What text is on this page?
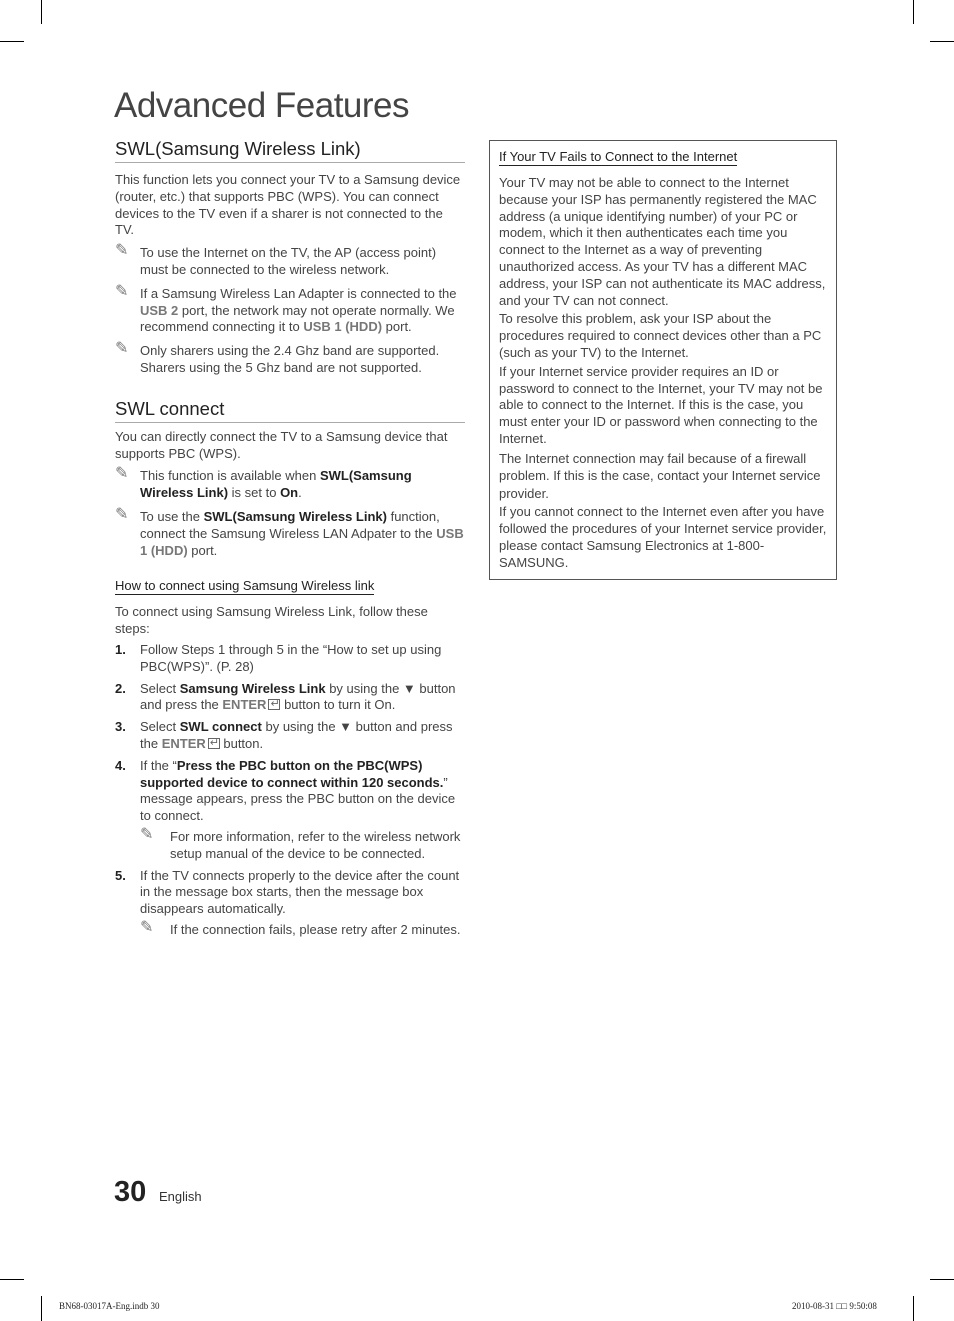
Advanced Features
SWL(Samsung Wireless Link)

This function lets you connect your TV to a Samsung device (router, etc.) that supports PBC (WPS). You can connect devices to the TV even if a sharer is not connected to the TV.

✎ To use the Internet on the TV, the AP (access point) must be connected to the wireless network.
✎ If a Samsung Wireless Lan Adapter is connected to the USB 2 port, the network may not operate normally. We recommend connecting it to USB 1 (HDD) port.
✎ Only sharers using the 2.4 Ghz band are supported. Sharers using the 5 Ghz band are not supported.
SWL connect

You can directly connect the TV to a Samsung device that supports PBC (WPS).

✎ This function is available when SWL(Samsung Wireless Link) is set to On.
✎ To use the SWL(Samsung Wireless Link) function, connect the Samsung Wireless LAN Adpater to the USB 1 (HDD) port.
How to connect using Samsung Wireless link

To connect using Samsung Wireless Link, follow these steps:

1. Follow Steps 1 through 5 in the “How to set up using PBC(WPS)”. (P. 28)
2. Select Samsung Wireless Link by using the ▼ button and press the ENTER↵ button to turn it On.
3. Select SWL connect by using the ▼ button and press the ENTER↵ button.
4. If the “Press the PBC button on the PBC(WPS) supported device to connect within 120 seconds.” message appears, press the PBC button on the device to connect.
✎ For more information, refer to the wireless network setup manual of the device to be connected.
5. If the TV connects properly to the device after the count in the message box starts, then the message box disappears automatically.
✎ If the connection fails, please retry after 2 minutes.
If Your TV Fails to Connect to the Internet

Your TV may not be able to connect to the Internet because your ISP has permanently registered the MAC address (a unique identifying number) of your PC or modem, which it then authenticates each time you connect to the Internet as a way of preventing unauthorized access. As your TV has a different MAC address, your ISP can not authenticate its MAC address, and your TV can not connect.

To resolve this problem, ask your ISP about the procedures required to connect devices other than a PC (such as your TV) to the Internet.

If your Internet service provider requires an ID or password to connect to the Internet, your TV may not be able to connect to the Internet. If this is the case, you must enter your ID or password when connecting to the Internet.

The Internet connection may fail because of a firewall problem. If this is the case, contact your Internet service provider.

If you cannot connect to the Internet even after you have followed the procedures of your Internet service provider, please contact Samsung Electronics at 1-800-SAMSUNG.

30 English
BN68-03017A-Eng.indb 30	2010-08-31 □□ 9:50:08
